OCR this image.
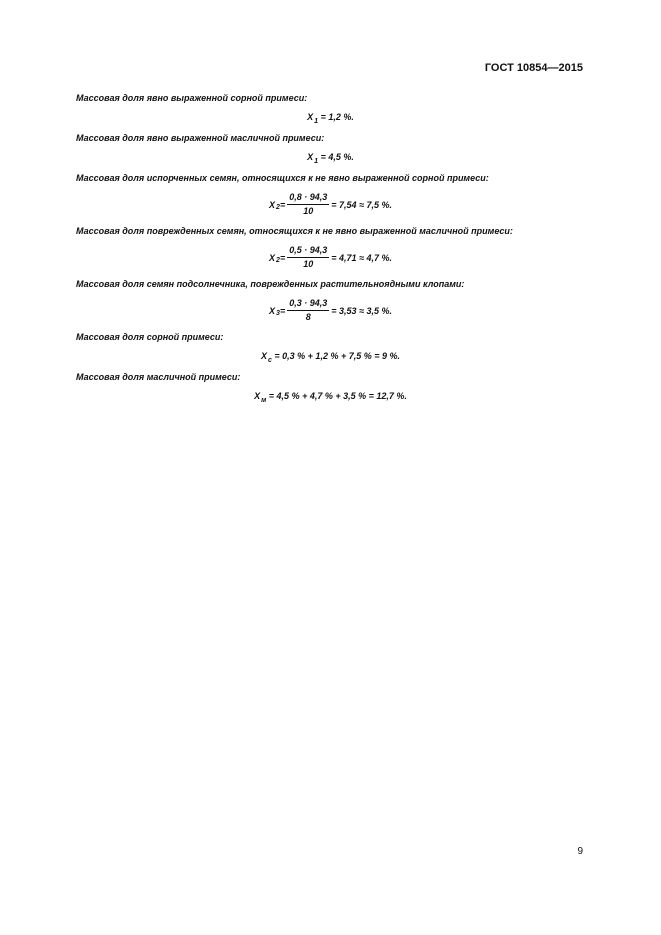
ГОСТ 10854—2015
Массовая доля явно выраженной сорной примеси:
$X_1 = 1,2$ %.
Массовая доля явно выраженной масличной примеси:
$X_1 = 4,5$ %.
Массовая доля испорченных семян, относящихся к не явно выраженной сорной примеси:
X $2 = \frac{0,8 \cdot 94,3}{10} = 7,54 \approx 7,5$ %.
Массовая доля поврежденных семян, относящихся к не явно выраженной масличной примеси:
X $2 = \frac{0,5 \cdot 94,3}{10} = 4,71 \approx 4,7$ %.
Массовая доля семян подсолнечника, поврежденных растительноядными клопами:
X $3 = \frac{0,3 \cdot 94,3}{8} = 3,53 \approx 3,5$ %.
Массовая доля сорной примеси:
$X_с = 0,3$ % + 1,2 % + 7,5 % = 9 %.
Массовая доля масличной примеси:
$X_м = 4,5$ % + 4,7 % + 3,5 % = 12,7 %.
9
